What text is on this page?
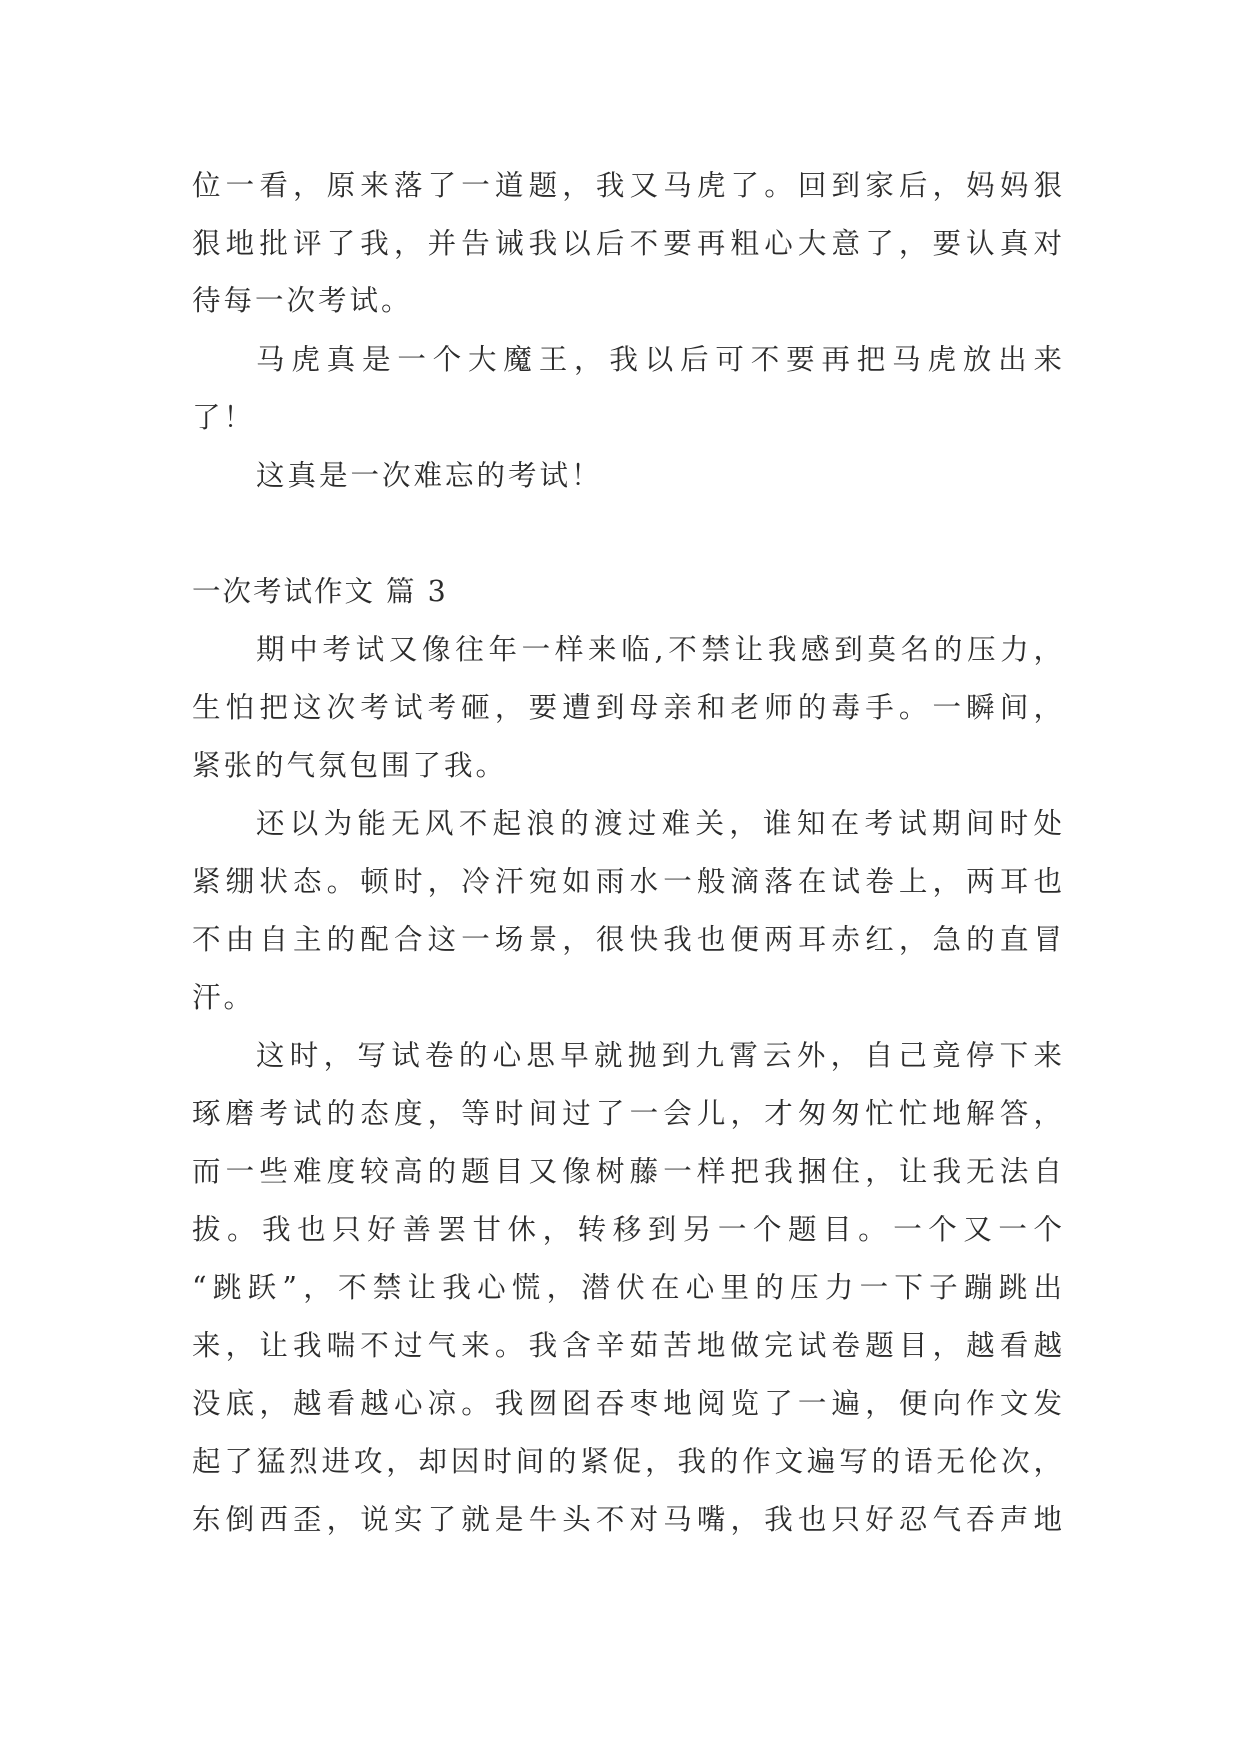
位一看，原来落了一道题，我又马虎了。回到家后，妈妈狠

狠地批评了我，并告诫我以后不要再粗心大意了，要认真对

待每一次考试。

马虎真是一个大魔王，我以后可不要再把马虎放出来

了！

这真是一次难忘的考试！

一次考试作文 篇 3

期中考试又像往年一样来临,不禁让我感到莫名的压力，

生怕把这次考试考砸，要遭到母亲和老师的毒手。一瞬间，

紧张的气氛包围了我。

还以为能无风不起浪的渡过难关，谁知在考试期间时处

紧绷状态。顿时，冷汗宛如雨水一般滴落在试卷上，两耳也

不由自主的配合这一场景，很快我也便两耳赤红，急的直冒

汗。

这时，写试卷的心思早就抛到九霄云外，自己竟停下来

琢磨考试的态度，等时间过了一会儿，才匆匆忙忙地解答，

而一些难度较高的题目又像树藤一样把我捆住，让我无法自

拔。我也只好善罢甘休，转移到另一个题目。一个又一个

“跳跃”，不禁让我心慌，潜伏在心里的压力一下子蹦跳出

来，让我喘不过气来。我含辛茹苦地做完试卷题目，越看越

没底，越看越心凉。我囫囵吞枣地阅览了一遍，便向作文发

起了猛烈进攻，却因时间的紧促，我的作文遍写的语无伦次，

东倒西歪，说实了就是牛头不对马嘴，我也只好忍气吞声地
